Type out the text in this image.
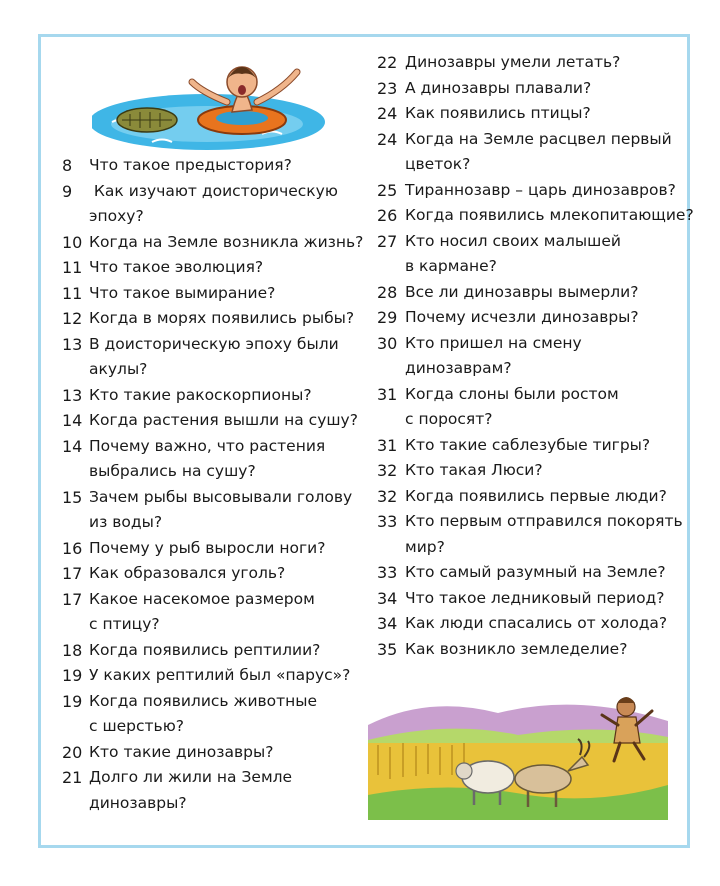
8	Что такое предыстория?
9	Как изучают доисторическую
эпоху?
10 Когда на Земле возникла жизнь?
11 Что такое эволюция?
11 Что такое вымирание?
12 Когда в морях появились рыбы?
13 В доисторическую эпоху были
акулы?
13 Кто такие ракоскорпионы?
14 Когда растения вышли на сушу?
14 Почему важно, что растения
выбрались на сушу?
15 Зачем рыбы высовывали голову
из воды?
16 Почему у рыб выросли ноги?
17 Как образовался уголь?
17 Какое насекомое размером
с птицу?
18 Когда появились рептилии?
19 У каких рептилий был «парус»?
19 Когда появились животные
с шерстью?
20 Кто такие динозавры?
21 Долго ли жили на Земле
динозавры?
22 Динозавры умели летать?
23 А динозавры плавали?
24 Как появились птицы?
24 Когда на Земле расцвел первый
цветок?
25 Тираннозавр – царь динозавров?
26 Когда появились млекопитающие?
27 Кто носил своих малышей
в кармане?
28 Все ли динозавры вымерли?
29 Почему исчезли динозавры?
30 Кто пришел на смену
динозаврам?
31 Когда слоны были ростом
с поросят?
31 Кто такие саблезубые тигры?
32 Кто такая Люси?
32 Когда появились первые люди?
33 Кто первым отправился покорять
мир?
33 Кто самый разумный на Земле?
34 Что такое ледниковый период?
34 Как люди спасались от холода?
35 Как возникло земледелие?
